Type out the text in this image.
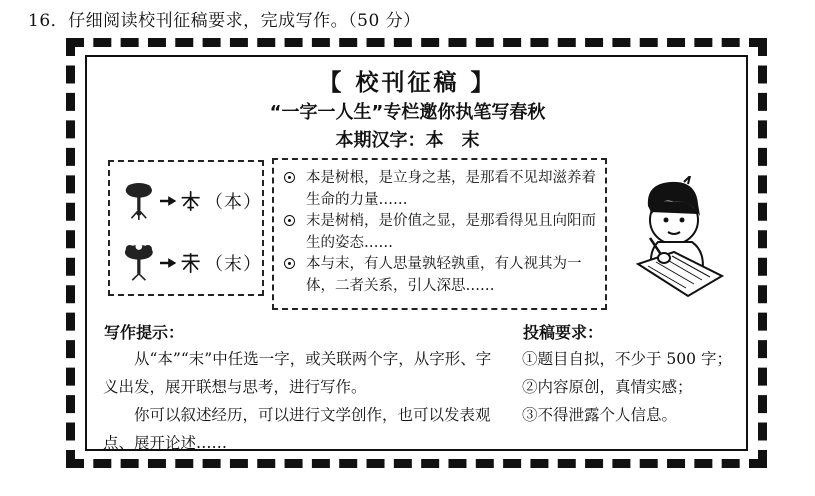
16．仔细阅读校刊征稿要求，完成写作。（50 分）
【 校刊征稿 】
“一字一人生”专栏邀你执笔写春秋
本期汉字：本　末
（本）
（末）
本是树根，是立身之基，是那看不见却滋养着生命的力量……
末是树梢，是价值之显，是那看得见且向阳而生的姿态……
本与末，有人思量孰轻孰重，有人视其为一体，二者关系，引人深思……
写作提示：

从“本”“末”中任选一字，或关联两个字，从字形、字义出发，展开联想与思考，进行写作。

你可以叙述经历，可以进行文学创作，也可以发表观点、展开论述……

投稿要求：
①题目自拟，不少于 500 字；
②内容原创，真情实感；
③不得泄露个人信息。
